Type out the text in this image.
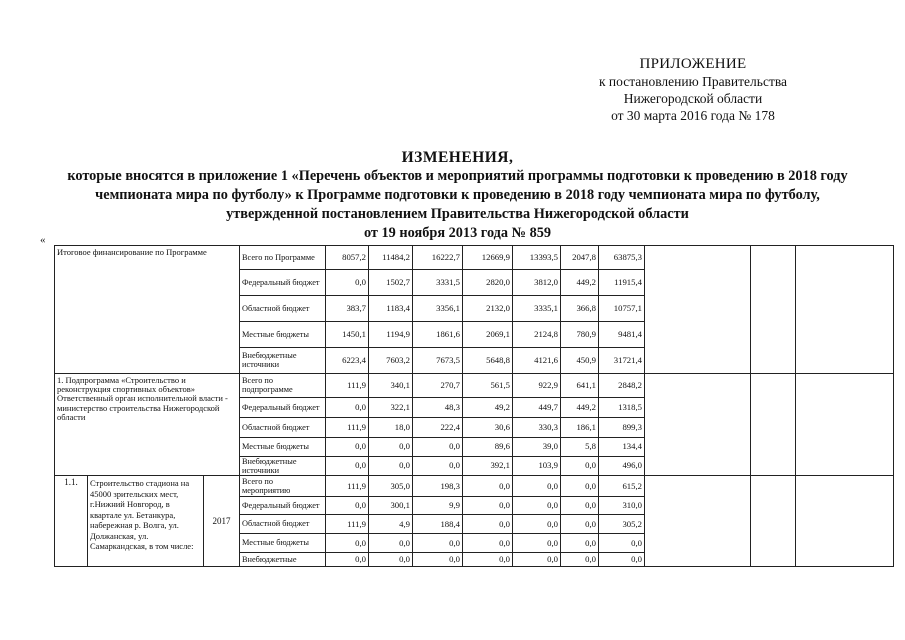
ПРИЛОЖЕНИЕ
к постановлению Правительства
Нижегородской области
от 30 марта 2016 года № 178
ИЗМЕНЕНИЯ,
которые вносятся в приложение 1 «Перечень объектов и мероприятий программы подготовки к проведению в 2018 году
чемпионата мира по футболу» к Программе подготовки к проведению в 2018 году чемпионата мира по футболу,
утвержденной постановлением Правительства Нижегородской области
от 19 ноября 2013 года № 859
«
Итоговое финансирование по Программе			Всего по Программе	8057,2	11484,2	16222,7	12669,9	13393,5	2047,8	63875,3			
			Федеральный бюджет	0,0	1502,7	3331,5	2820,0	3812,0	449,2	11915,4			
			Областной бюджет	383,7	1183,4	3356,1	2132,0	3335,1	366,8	10757,1			
			Местные бюджеты	1450,1	1194,9	1861,6	2069,1	2124,8	780,9	9481,4			
			Внебюджетные источники	6223,4	7603,2	7673,5	5648,8	4121,6	450,9	31721,4			
1. Подпрограмма «Строительство и реконструкция спортивных объектов» Ответственный орган исполнительной власти - министерство строительства Нижегородской области			Всего по подпрограмме	111,9	340,1	270,7	561,5	922,9	641,1	2848,2			
			Федеральный бюджет	0,0	322,1	48,3	49,2	449,7	449,2	1318,5			
			Областной бюджет	111,9	18,0	222,4	30,6	330,3	186,1	899,3			
			Местные бюджеты	0,0	0,0	0,0	89,6	39,0	5,8	134,4			
			Внебюджетные источники	0,0	0,0	0,0	392,1	103,9	0,0	496,0			
1.1.	Строительство стадиона на 45000 зрительских мест, г.Нижний Новгород, в квартале ул. Бетанкура, набережная р. Волга, ул. Должанская, ул. Самаркандская, в том числе:	2017	Всего по мероприятию	111,9	305,0	198,3	0,0	0,0	0,0	615,2			
			Федеральный бюджет	0,0	300,1	9,9	0,0	0,0	0,0	310,0			
			Областной бюджет	111,9	4,9	188,4	0,0	0,0	0,0	305,2			
			Местные бюджеты	0,0	0,0	0,0	0,0	0,0	0,0	0,0			
			Внебюджетные	0,0	0,0	0,0	0,0	0,0	0,0	0,0			
